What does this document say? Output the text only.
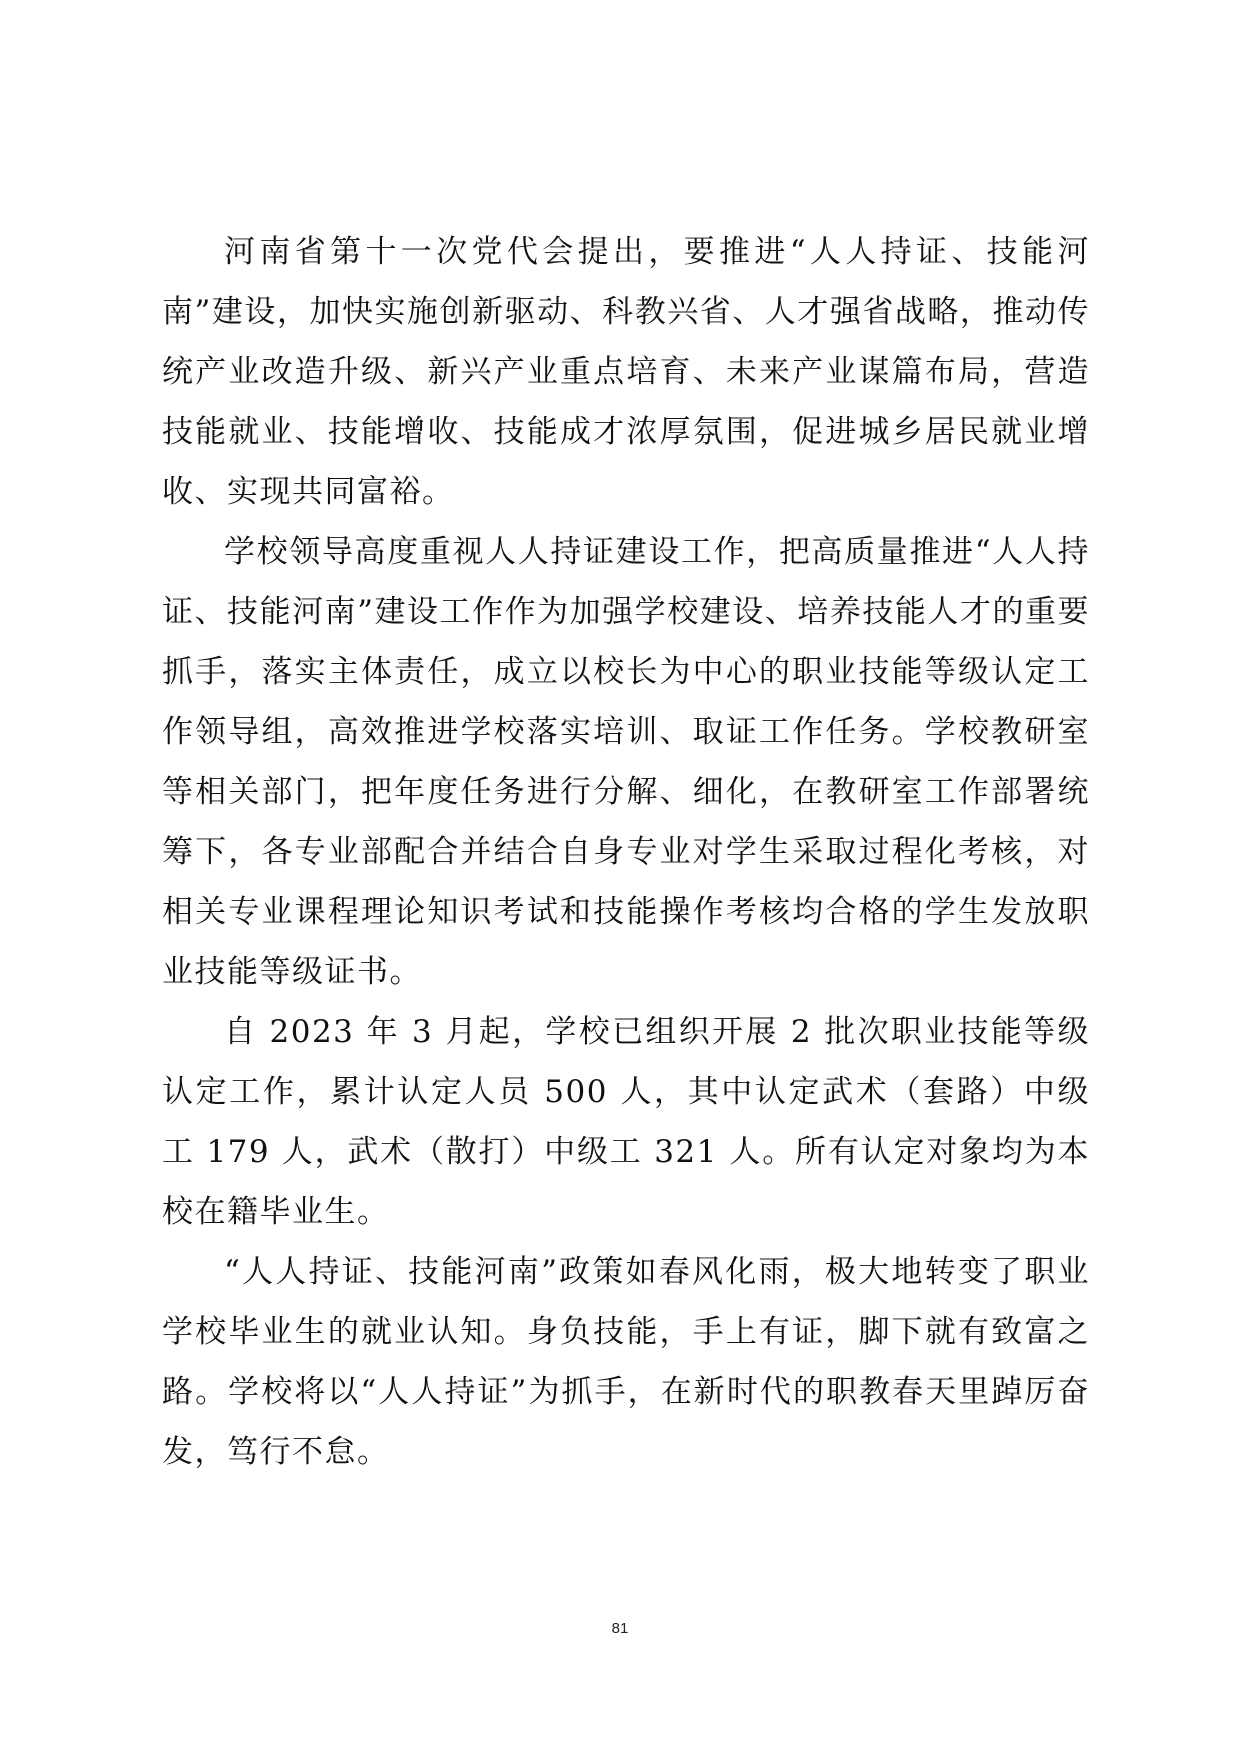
河南省第十一次党代会提出，要推进“人人持证、技能河南”建设，加快实施创新驱动、科教兴省、人才强省战略，推动传统产业改造升级、新兴产业重点培育、未来产业谋篇布局，营造技能就业、技能增收、技能成才浓厚氛围，促进城乡居民就业增收、实现共同富裕。

学校领导高度重视人人持证建设工作，把高质量推进“人人持证、技能河南”建设工作作为加强学校建设、培养技能人才的重要抓手，落实主体责任，成立以校长为中心的职业技能等级认定工作领导组，高效推进学校落实培训、取证工作任务。学校教研室等相关部门，把年度任务进行分解、细化，在教研室工作部署统筹下，各专业部配合并结合自身专业对学生采取过程化考核，对相关专业课程理论知识考试和技能操作考核均合格的学生发放职业技能等级证书。

自 2023 年 3 月起，学校已组织开展 2 批次职业技能等级认定工作，累计认定人员 500 人，其中认定武术（套路）中级工 179 人，武术（散打）中级工 321 人。所有认定对象均为本校在籍毕业生。

“人人持证、技能河南”政策如春风化雨，极大地转变了职业学校毕业生的就业认知。身负技能，手上有证，脚下就有致富之路。学校将以“人人持证”为抓手，在新时代的职教春天里踔厉奋发，笃行不怠。

81
